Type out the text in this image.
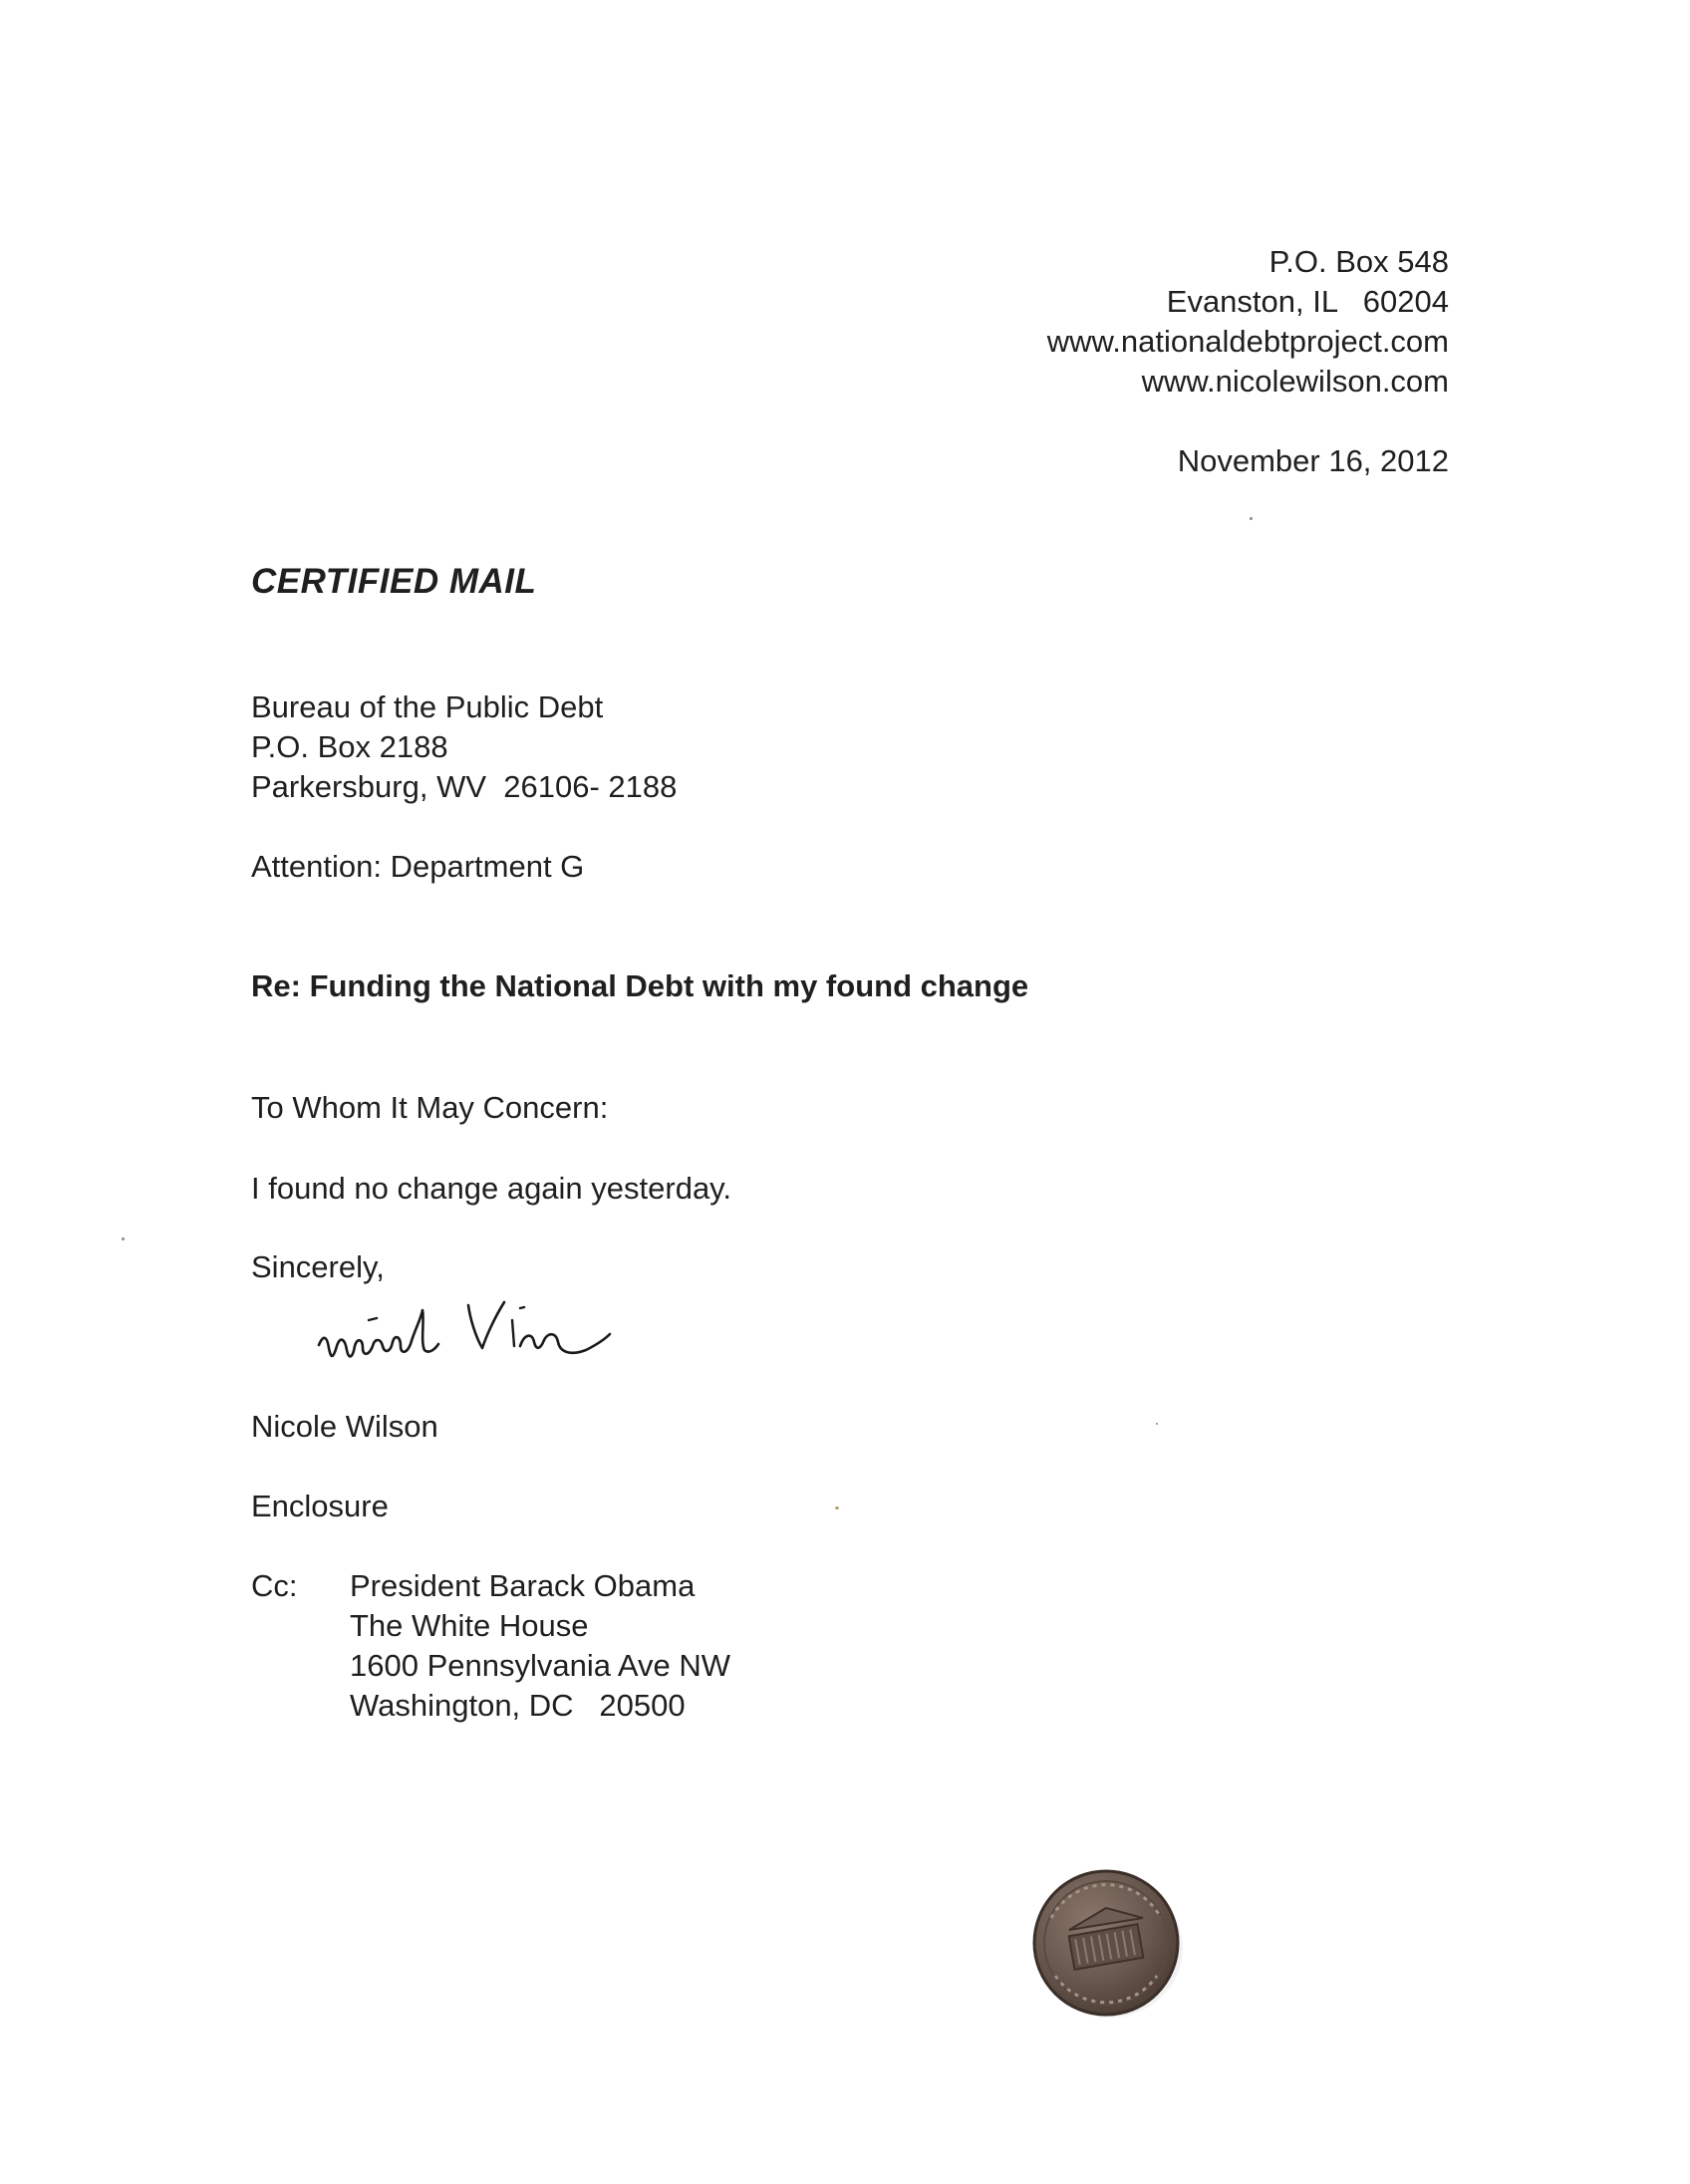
P.O. Box 548
Evanston, IL   60204
www.nationaldebtproject.com
www.nicolewilson.com
November 16, 2012
CERTIFIED MAIL
Bureau of the Public Debt
P.O. Box 2188
Parkersburg, WV  26106- 2188
Attention: Department G
Re: Funding the National Debt with my found change
To Whom It May Concern:
I found no change again yesterday.
Sincerely,
Nicole Wilson
Enclosure
Cc: President Barack Obama
The White House
1600 Pennsylvania Ave NW
Washington, DC   20500
